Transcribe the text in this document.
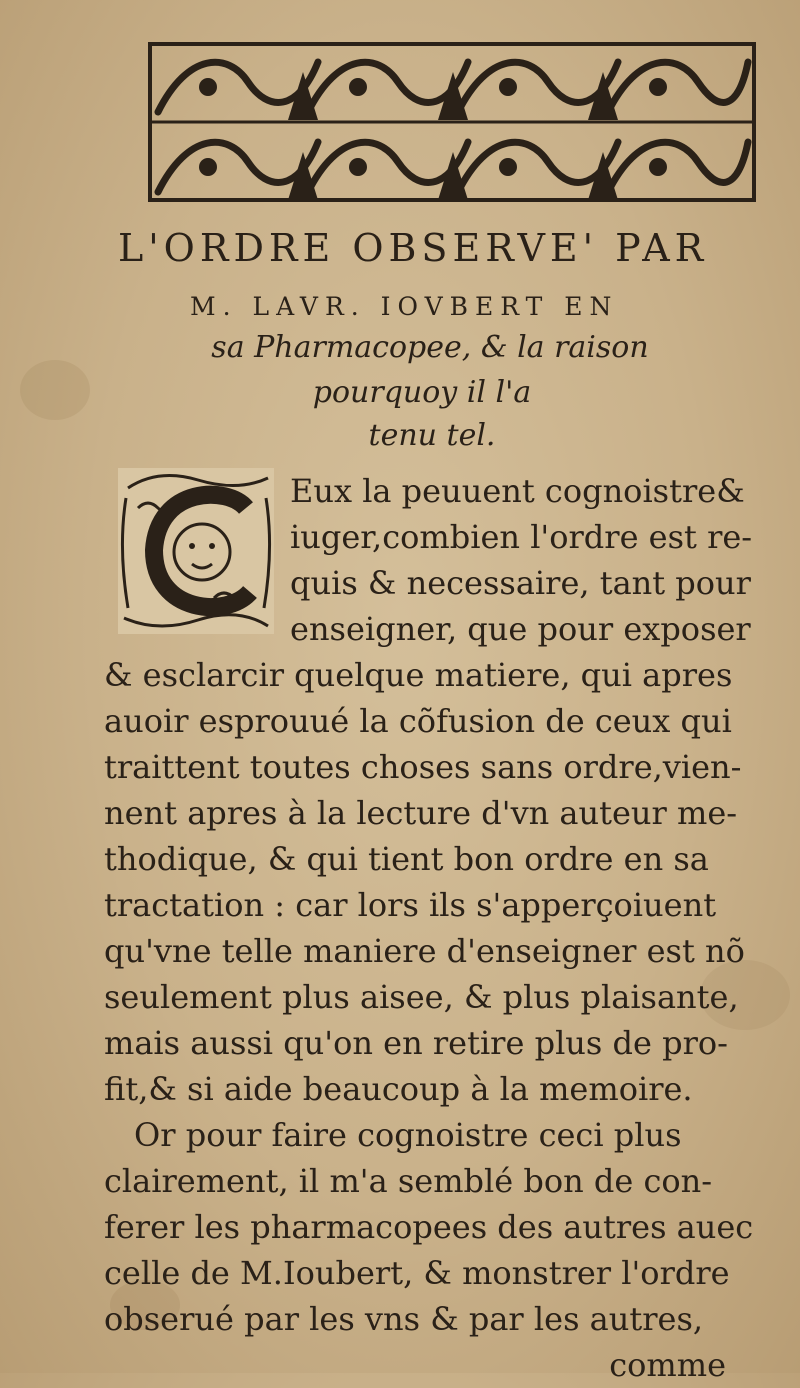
L'ORDRE OBSERVE' PAR
M. LAVR. IOVBERT EN
sa Pharmacopee, & la raison
pourquoy il l'a
tenu tel.
C
Eux la peuuent cognoistre&
iuger,combien l'ordre est re-
quis & necessaire, tant pour
enseigner, que pour exposer
& esclarcir quelque matiere, qui apres
auoir esprouué la cõfusion de ceux qui
traittent toutes choses sans ordre,vien-
nent apres à la lecture d'vn auteur me-
thodique, & qui tient bon ordre en sa
tractation : car lors ils s'apperçoiuent
qu'vne telle maniere d'enseigner est nõ
seulement plus aisee, & plus plaisante,
mais aussi qu'on en retire plus de pro-
fit,& si aide beaucoup à la memoire.
Or pour faire cognoistre ceci plus
clairement, il m'a semblé bon de con-
ferer les pharmacopees des autres auec
celle de M.Ioubert, & monstrer l'ordre
obserué par les vns & par les autres,
comme
